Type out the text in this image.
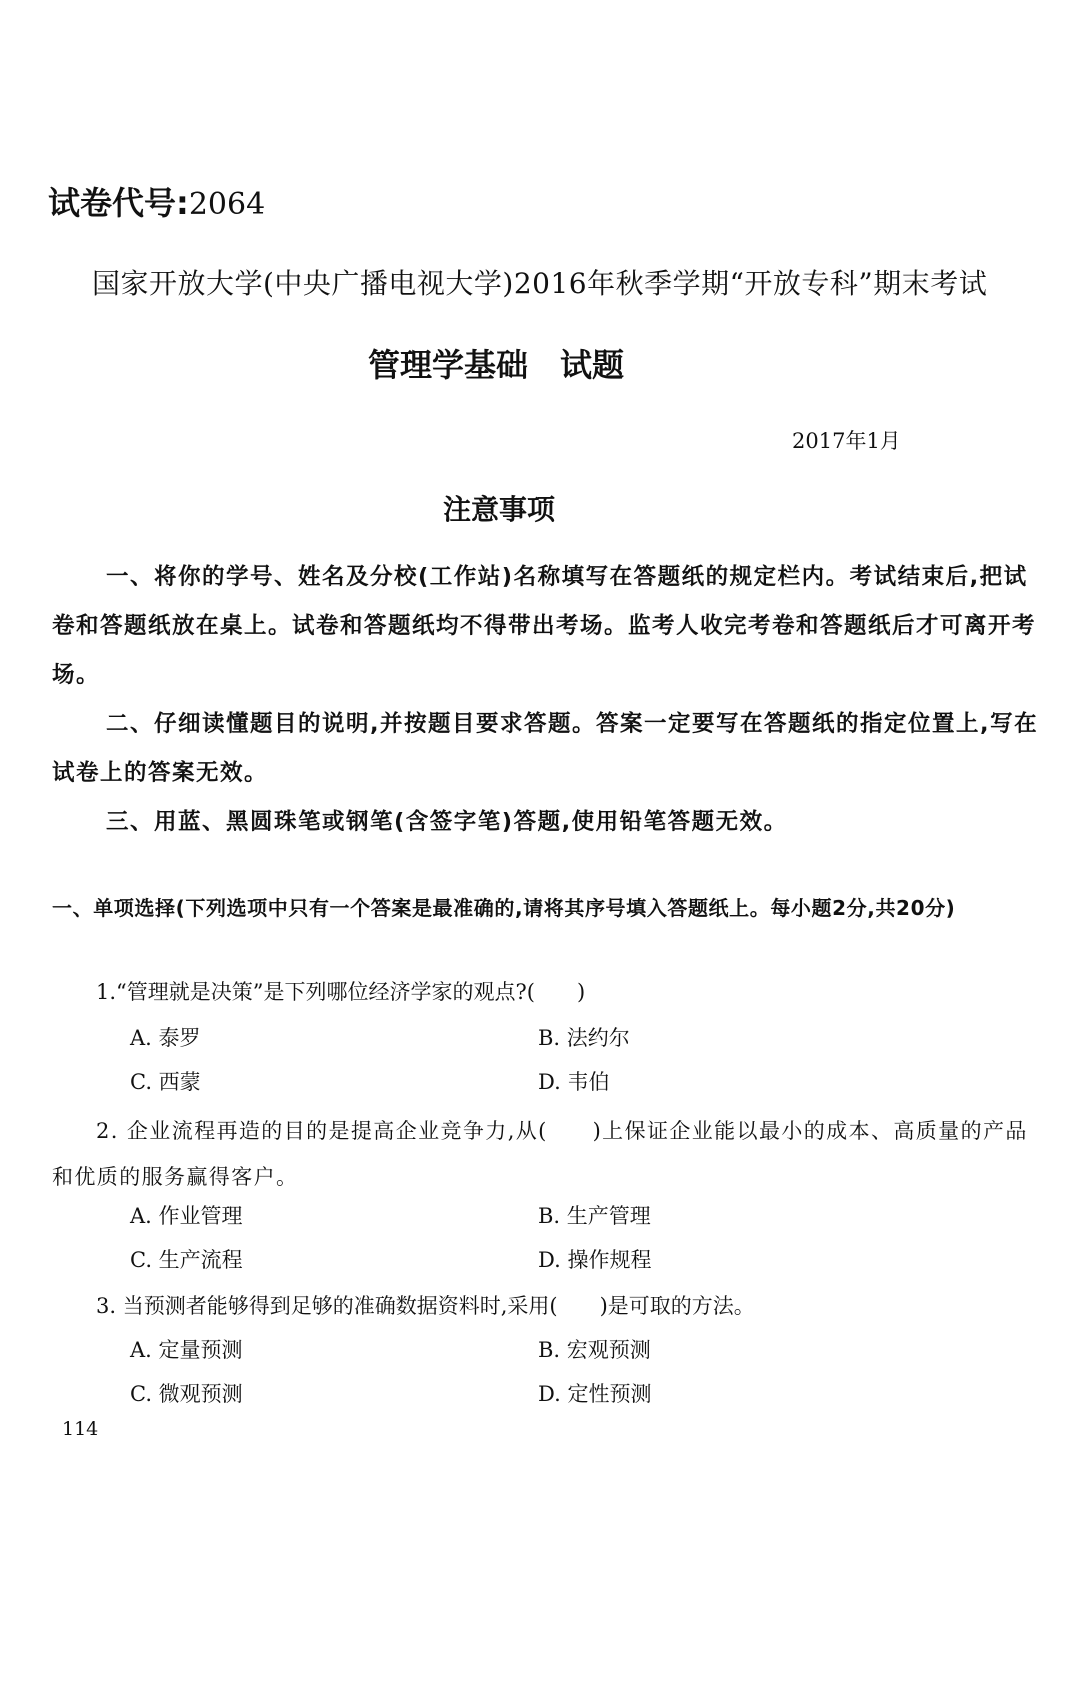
试卷代号:2064
国家开放大学(中央广播电视大学)2016年秋季学期“开放专科”期末考试
管理学基础　试题
2017年1月
注意事项
一、将你的学号、姓名及分校(工作站)名称填写在答题纸的规定栏内。考试结束后,把试卷和答题纸放在桌上。试卷和答题纸均不得带出考场。监考人收完考卷和答题纸后才可离开考场。
二、仔细读懂题目的说明,并按题目要求答题。答案一定要写在答题纸的指定位置上,写在试卷上的答案无效。
三、用蓝、黑圆珠笔或钢笔(含签字笔)答题,使用铅笔答题无效。
一、单项选择(下列选项中只有一个答案是最准确的,请将其序号填入答题纸上。每小题2分,共20分)
1.“管理就是决策”是下列哪位经济学家的观点?(　　)
A. 泰罗	B. 法约尔
C. 西蒙	D. 韦伯
2. 企业流程再造的目的是提高企业竞争力,从(　　)上保证企业能以最小的成本、高质量的产品和优质的服务赢得客户。
A. 作业管理	B. 生产管理
C. 生产流程	D. 操作规程
3. 当预测者能够得到足够的准确数据资料时,采用(　　)是可取的方法。
A. 定量预测	B. 宏观预测
C. 微观预测	D. 定性预测
114
